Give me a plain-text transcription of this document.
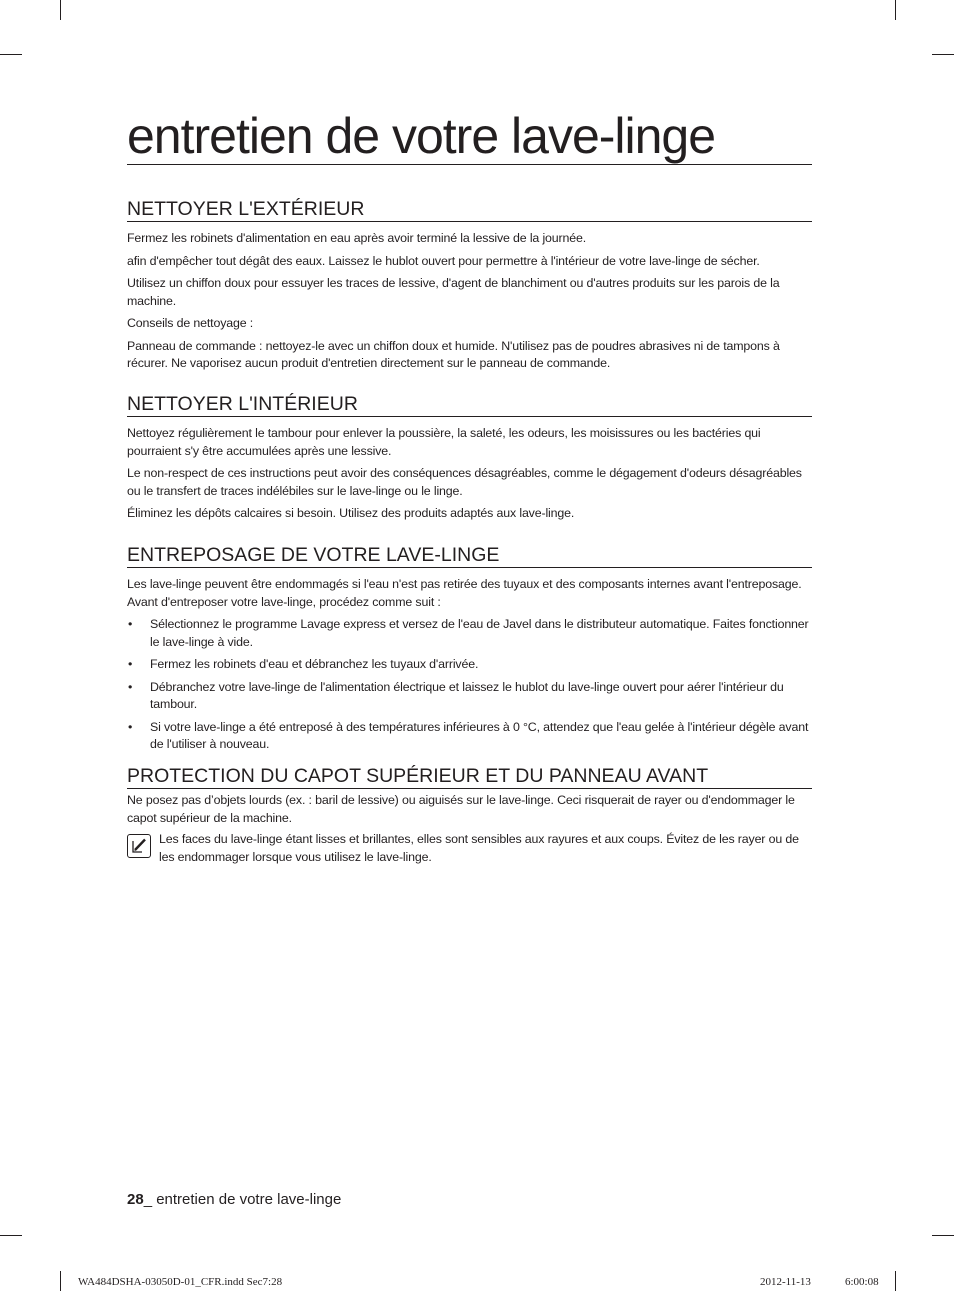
entretien de votre lave-linge
NETTOYER L'EXTÉRIEUR

Fermez les robinets d'alimentation en eau après avoir terminé la lessive de la journée.

afin d'empêcher tout dégât des eaux. Laissez le hublot ouvert pour permettre à l'intérieur de votre lave-linge de sécher.

Utilisez un chiffon doux pour essuyer les traces de lessive, d'agent de blanchiment ou d'autres produits sur les parois de la machine.

Conseils de nettoyage :

Panneau de commande : nettoyez-le avec un chiffon doux et humide. N'utilisez pas de poudres abrasives ni de tampons à récurer. Ne vaporisez aucun produit d'entretien directement sur le panneau de commande.

NETTOYER L'INTÉRIEUR

Nettoyez régulièrement le tambour pour enlever la poussière, la saleté, les odeurs, les moisissures ou les bactéries qui pourraient s'y être accumulées après une lessive.

Le non-respect de ces instructions peut avoir des conséquences désagréables, comme le dégagement d'odeurs désagréables ou le transfert de traces indélébiles sur le lave-linge ou le linge.

Éliminez les dépôts calcaires si besoin. Utilisez des produits adaptés aux lave-linge.

ENTREPOSAGE DE VOTRE LAVE-LINGE

Les lave-linge peuvent être endommagés si l'eau n'est pas retirée des tuyaux et des composants internes avant l'entreposage. Avant d'entreposer votre lave-linge, procédez comme suit :

• Sélectionnez le programme Lavage express et versez de l'eau de Javel dans le distributeur automatique. Faites fonctionner le lave-linge à vide.
• Fermez les robinets d'eau et débranchez les tuyaux d'arrivée.
• Débranchez votre lave-linge de l'alimentation électrique et laissez le hublot du lave-linge ouvert pour aérer l'intérieur du tambour.
• Si votre lave-linge a été entreposé à des températures inférieures à 0 °C, attendez que l'eau gelée à l'intérieur dégèle avant de l'utiliser à nouveau.
PROTECTION DU CAPOT SUPÉRIEUR ET DU PANNEAU AVANT

Ne posez pas d’objets lourds (ex. : baril de lessive) ou aiguisés sur le lave-linge. Ceci risquerait de rayer ou d'endommager le capot supérieur de la machine.

Les faces du lave-linge étant lisses et brillantes, elles sont sensibles aux rayures et aux coups. Évitez de les rayer ou de les endommager lorsque vous utilisez le lave-linge.

28_ entretien de votre lave-linge
WA484DSHA-03050D-01_CFR.indd Sec7:28	2012-11-13	6:00:08
